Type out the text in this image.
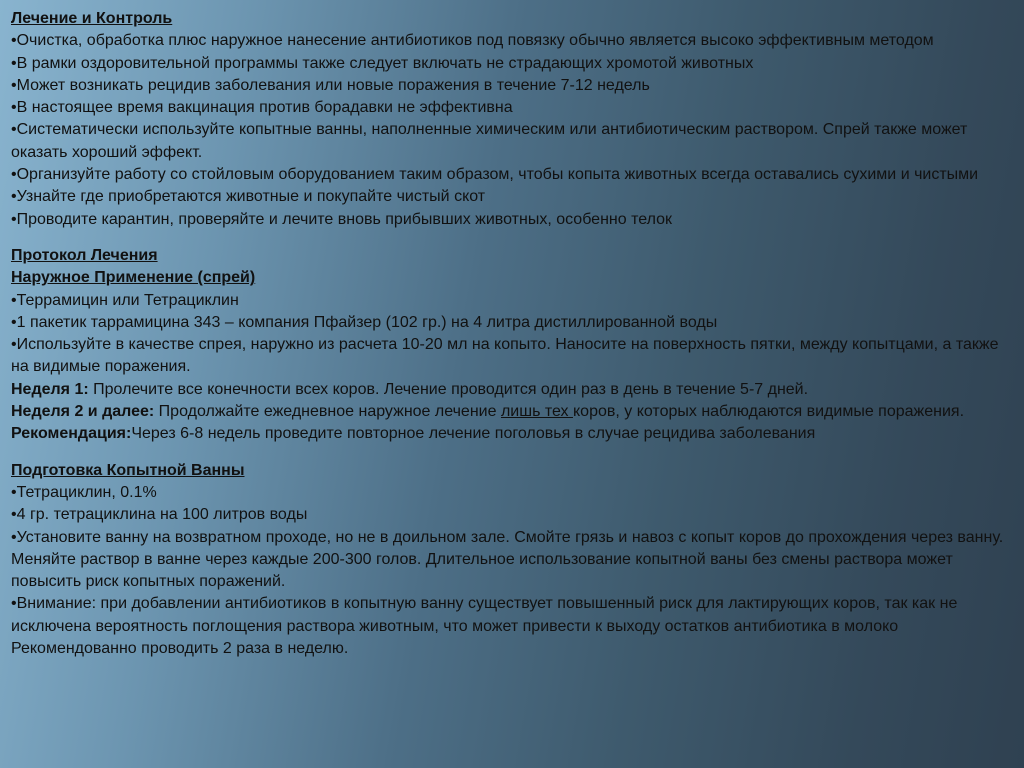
Лечение и Контроль
•Очистка, обработка плюс наружное нанесение антибиотиков под повязку обычно является высоко эффективным методом
•В рамки оздоровительной программы также следует включать не страдающих хромотой животных
•Может возникать рецидив заболевания или новые поражения в течение 7-12 недель
•В настоящее время вакцинация против борадавки не эффективна
•Систематически используйте копытные ванны, наполненные химическим или антибиотическим раствором. Спрей также может оказать хороший эффект.
•Организуйте работу со стойловым оборудованием таким образом, чтобы копыта животных всегда оставались сухими и чистыми
•Узнайте где приобретаются животные и покупайте чистый скот
•Проводите карантин, проверяйте и лечите вновь прибывших животных, особенно телок
Протокол Лечения
Наружное Применение (спрей)
•Террамицин или Тетрациклин
•1 пакетик таррамицина 343 – компания Пфайзер (102 гр.) на 4 литра дистиллированной воды
•Используйте в качестве спрея, наружно из расчета 10-20 мл на копыто. Наносите на поверхность пятки, между копытцами, а также на видимые поражения.
Неделя 1: Пролечите все конечности всех коров. Лечение проводится один раз в день в течение 5-7 дней.
Неделя 2 и далее: Продолжайте ежедневное наружное лечение лишь тех коров, у которых наблюдаются видимые поражения.
Рекомендация:Через 6-8 недель проведите повторное лечение поголовья в случае рецидива заболевания
Подготовка Копытной Ванны
•Тетрациклин, 0.1%
•4 гр. тетрациклина на 100 литров воды
•Установите ванну на возвратном проходе, но не в доильном зале. Смойте грязь и навоз с копыт коров до прохождения через ванну. Меняйте раствор в ванне через каждые 200-300 голов. Длительное использование копытной ваны без смены раствора может повысить риск копытных поражений.
•Внимание: при добавлении антибиотиков в копытную ванну существует повышенный риск для лактирующих коров, так как не исключена вероятность поглощения раствора животным, что может привести к выходу остатков антибиотика в молоко
Рекомендованно проводить 2 раза в неделю.
